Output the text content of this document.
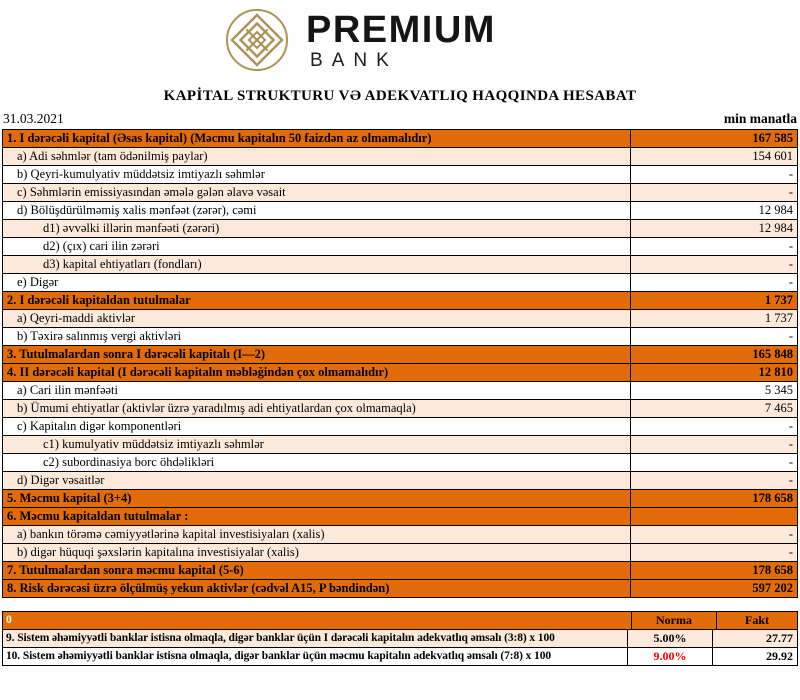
PREMIUM
BANK
KAPİTAL STRUKTURU VƏ ADEKVATLIQ HAQQINDA HESABAT
31.03.2021	min manatla
1. I dərəcəli kapital (Əsas kapital) (Məcmu kapitalın 50 faizdən az olmamalıdır)	167 585
a) Adi səhmlər (tam ödənilmiş paylar)	154 601
b) Qeyri-kumulyativ müddətsiz imtiyazlı səhmlər	-
c) Səhmlərin emissiyasından əmələ gələn əlavə vəsait	-
d) Bölüşdürülməmiş xalis mənfəət (zərər), cəmi	12 984
d1) əvvəlki illərin mənfəəti (zərəri)	12 984
d2) (çıx) cari ilin zərəri	-
d3) kapital ehtiyatları (fondları)	-
e) Digər	-
2. I dərəcəli kapitaldan tutulmalar	1 737
a) Qeyri-maddi aktivlər	1 737
b) Təxirə salınmış vergi aktivləri	-
3. Tutulmalardan sonra I dərəcəli kapitalı (I—2)	165 848
4. II dərəcəli kapital (I dərəcəli kapitalın məbləğindən çox olmamalıdır)	12 810
a) Cari ilin mənfəəti	5 345
b) Ümumi ehtiyatlar (aktivlər üzrə yaradılmış adi ehtiyatlardan çox olmamaqla)	7 465
c) Kapitalın digər komponentləri	-
c1) kumulyativ müddətsiz imtiyazlı səhmlər	-
c2) subordinasiya borc öhdəlikləri	-
d) Digər vəsaitlər	-
5. Məcmu kapital (3+4)	178 658
6. Məcmu kapitaldan tutulmalar :
a) bankın törəmə cəmiyyətlərinə kapital investisiyaları (xalis)	-
b) digər hüquqi şəxslərin kapitalına investisiyalar (xalis)	-
7. Tutulmalardan sonra məcmu kapital (5-6)	178 658
8. Risk dərəcəsi üzrə ölçülmüş yekun aktivlər (cədvəl A15, P bəndindən)	597 202
0	Norma	Fakt
9. Sistem əhəmiyyətli banklar istisna olmaqla, digər banklar üçün I dərəcəli kapitalın adekvatlıq əmsalı (3:8) x 100	5.00%	27.77
10. Sistem əhəmiyyətli banklar istisna olmaqla, digər banklar üçün məcmu kapitalın adekvatlıq əmsalı (7:8) x 100	9.00%	29.92
